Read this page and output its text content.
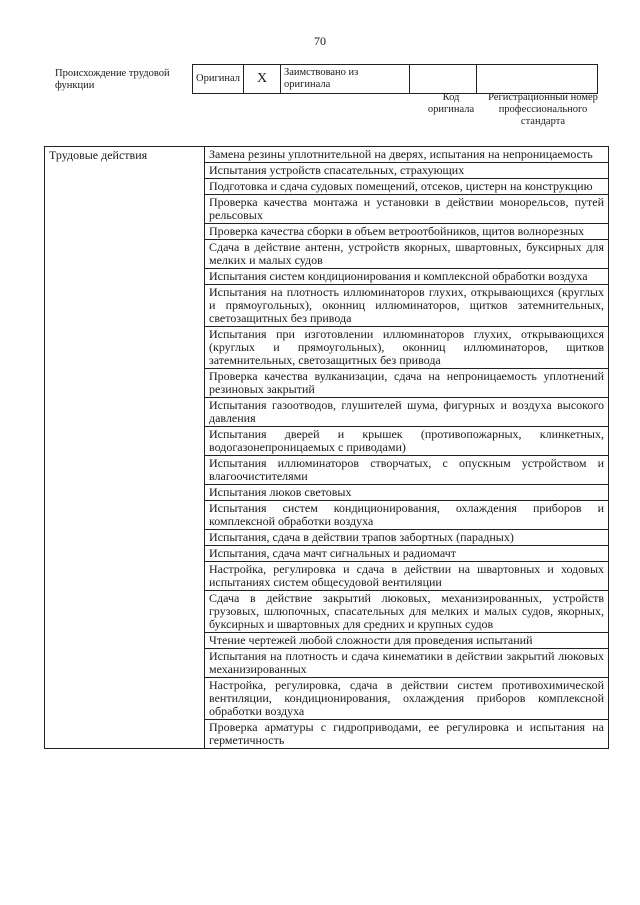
70
Происхождение трудовой функции
Оригинал	X	Заимствовано из оригинала		
Код оригинала
Регистрационный номер профессионального стандарта
Трудовые действия	Замена резины уплотнительной на дверях, испытания на непроницаемость
Испытания устройств спасательных, страхующих
Подготовка и сдача судовых помещений, отсеков, цистерн на конструкцию
Проверка качества монтажа и установки в действии монорельсов, путей рельсовых
Проверка качества сборки в объем ветроотбойников, щитов волнорезных
Сдача в действие антенн, устройств якорных, швартовных, буксирных для мелких и малых судов
Испытания систем кондиционирования и комплексной обработки воздуха
Испытания на плотность иллюминаторов глухих, открывающихся (круглых и прямоугольных), оконниц иллюминаторов, щитков затемнительных, светозащитных без привода
Испытания при изготовлении иллюминаторов глухих, открывающихся (круглых и прямоугольных), оконниц иллюминаторов, щитков затемнительных, светозащитных без привода
Проверка качества вулканизации, сдача на непроницаемость уплотнений резиновых закрытий
Испытания газоотводов, глушителей шума, фигурных и воздуха высокого давления
Испытания дверей и крышек (противопожарных, клинкетных, водогазонепроницаемых с приводами)
Испытания иллюминаторов створчатых, с опускным устройством и влагоочистителями
Испытания люков световых
Испытания систем кондиционирования, охлаждения приборов и комплексной обработки воздуха
Испытания, сдача в действии трапов забортных (парадных)
Испытания, сдача мачт сигнальных и радиомачт
Настройка, регулировка и сдача в действии на швартовных и ходовых испытаниях систем общесудовой вентиляции
Сдача в действие закрытий люковых, механизированных, устройств грузовых, шлюпочных, спасательных для мелких и малых судов, якорных, буксирных и швартовных для средних и крупных судов
Чтение чертежей любой сложности для проведения испытаний
Испытания на плотность и сдача кинематики в действии закрытий люковых механизированных
Настройка, регулировка, сдача в действии систем противохимической вентиляции, кондиционирования, охлаждения приборов комплексной обработки воздуха
Проверка арматуры с гидроприводами, ее регулировка и испытания на герметичность
